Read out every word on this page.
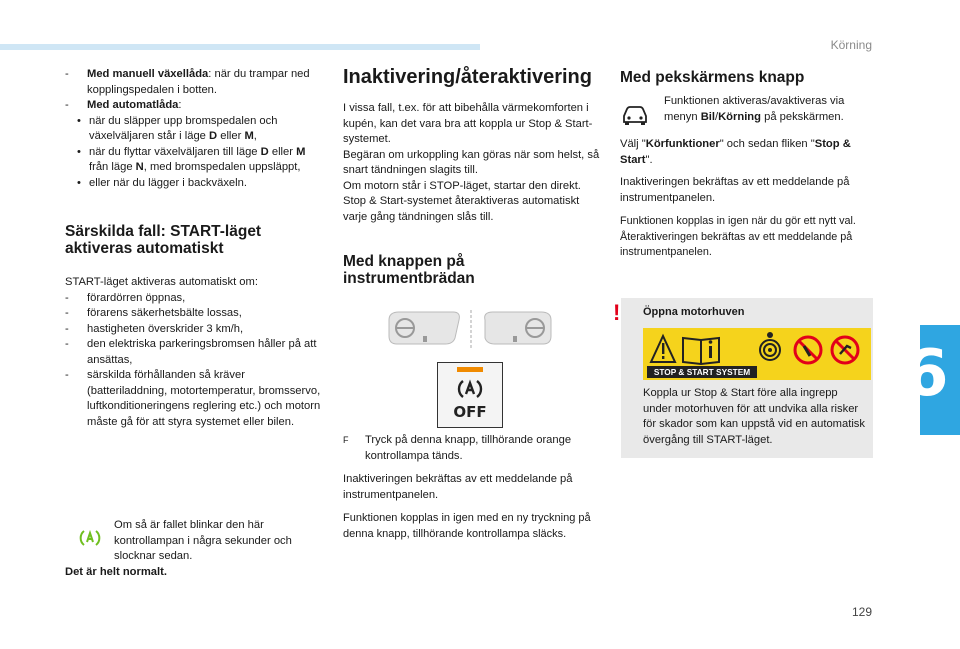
Körning
6
129
- Med manuell växellåda: när du trampar ned kopplingspedalen i botten.
- Med automatlåda:
• när du släpper upp bromspedalen och växelväljaren står i läge D eller M,
• när du flyttar växelväljaren till läge D eller M från läge N, med bromspedalen uppsläppt,
• eller när du lägger i backväxeln.
Särskilda fall: START-läget aktiveras automatiskt

START-läget aktiveras automatiskt om:

- förardörren öppnas,
- förarens säkerhetsbälte lossas,
- hastigheten överskrider 3 km/h,
- den elektriska parkeringsbromsen håller på att ansättas,
- särskilda förhållanden så kräver (batteriladdning, motortemperatur, bromsservo, luftkonditioneringens reglering etc.) och motorn måste gå för att styra systemet eller bilen.
Om så är fallet blinkar den här kontrollampan i några sekunder och slocknar sedan.
Det är helt normalt.
Inaktivering/återaktivering

I vissa fall, t.ex. för att bibehålla värmekomforten i kupén, kan det vara bra att koppla ur Stop & Start-systemet.

Begäran om urkoppling kan göras när som helst, så snart tändningen slagits till.

Om motorn står i STOP-läget, startar den direkt.

Stop & Start-systemet återaktiveras automatiskt varje gång tändningen slås till.

Med knappen på instrumentbrädan
OFF
F Tryck på denna knapp, tillhörande orange kontrollampa tänds.

Inaktiveringen bekräftas av ett meddelande på instrumentpanelen.

Funktionen kopplas in igen med en ny tryckning på denna knapp, tillhörande kontrollampa släcks.

Med pekskärmens knapp
Funktionen aktiveras/avaktiveras via menyn Bil/Körning på pekskärmen.
Välj "Körfunktioner" och sedan fliken "Stop & Start".
Inaktiveringen bekräftas av ett meddelande på instrumentpanelen.
Funktionen kopplas in igen när du gör ett nytt val. Återaktiveringen bekräftas av ett meddelande på instrumentpanelen.
! Öppna motorhuven
STOP & START SYSTEM
Koppla ur Stop & Start före alla ingrepp under motorhuven för att undvika alla risker för skador som kan uppstå vid en automatisk övergång till START-läget.
